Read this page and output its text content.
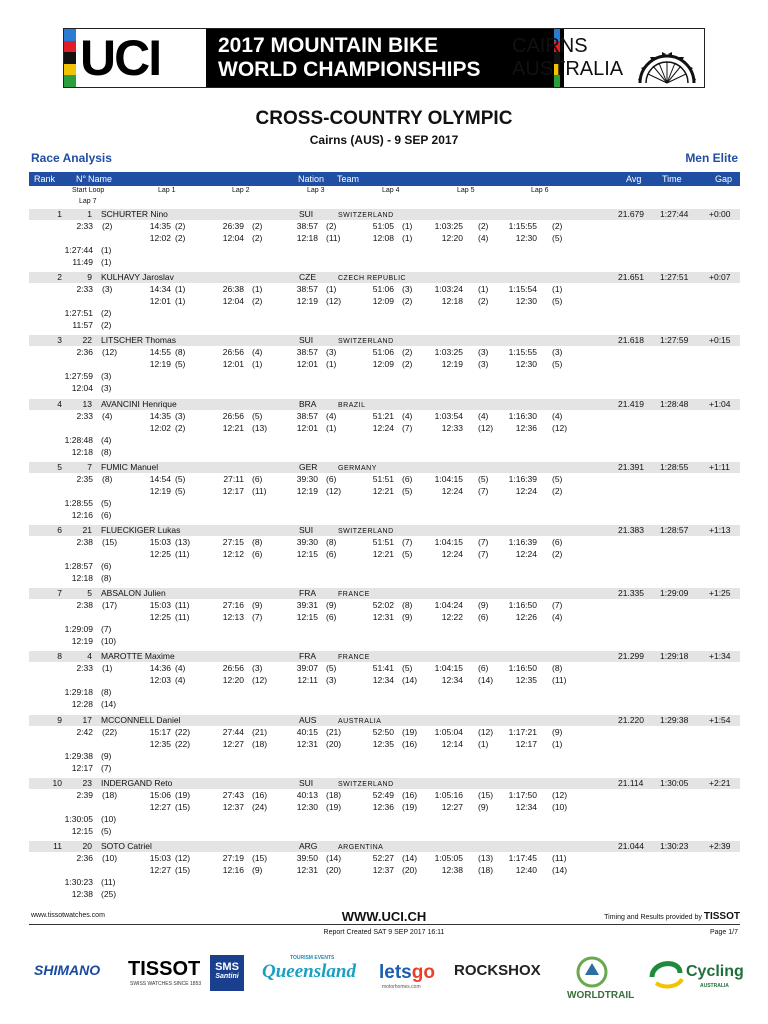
UCI	2017 MOUNTAIN BIKE
WORLD CHAMPIONSHIPS
CAIRNS
AUSTRALIA
CROSS-COUNTRY OLYMPIC
Cairns (AUS) - 9 SEP 2017
Race Analysis	Men Elite
Rank N° Name	Nation Team	Avg Time	Gap
Start Loop	Lap 1	Lap 2	Lap 3	Lap 4	Lap 5	Lap 6
Lap 7
1	1 SCHURTER Nino	SUI	SWITZERLAND	21.679 1:27:44 +0:00
2:33 (2)	14:35 (2)	26:39 (2)	38:57 (2)	51:05 (1)	1:03:25 (2) 1:15:55 (2)
12:02 (2)	12:04 (2)	12:18 (11)	12:08 (1)	12:20 (4)	12:30 (5)
1:27:44 (1)
11:49 (1)
2	9 KULHAVY Jaroslav	CZE	CZECH REPUBLIC	21.651 1:27:51 +0:07
2:33 (3)	14:34 (1)	26:38 (1)	38:57 (1)	51:06 (3)	1:03:24 (1) 1:15:54 (1)
12:01 (1)	12:04 (2)	12:19 (12)	12:09 (2)	12:18 (2)	12:30 (5)
1:27:51 (2)
11:57 (2)
3 22 LITSCHER Thomas	SUI	SWITZERLAND	21.618 1:27:59 +0:15
2:36 (12)	14:55 (8)	26:56 (4)	38:57 (3)	51:06 (2)	1:03:25 (3) 1:15:55 (3)
12:19 (5)	12:01 (1)	12:01 (1)	12:09 (2)	12:19 (3)	12:30 (5)
1:27:59 (3)
12:04 (3)
4 13 AVANCINI Henrique	BRA	BRAZIL	21.419 1:28:48 +1:04
2:33 (4)	14:35 (3)	26:56 (5)	38:57 (4)	51:21 (4)	1:03:54 (4) 1:16:30 (4)
12:02 (2)	12:21 (13)	12:01 (1)	12:24 (7)	12:33 (12)	12:36 (12)
1:28:48 (4)
12:18 (8)
5	7 FUMIC Manuel	GER	GERMANY	21.391 1:28:55 +1:11
2:35 (8)	14:54 (5)	27:11 (6)	39:30 (6)	51:51 (6)	1:04:15 (5) 1:16:39 (5)
12:19 (5)	12:17 (11)	12:19 (12)	12:21 (5)	12:24 (7)	12:24 (2)
1:28:55 (5)
12:16 (6)
6 21 FLUECKIGER Lukas	SUI	SWITZERLAND	21.383 1:28:57 +1:13
2:38 (15)	15:03 (13)	27:15 (8)	39:30 (8)	51:51 (7)	1:04:15 (7) 1:16:39 (6)
12:25 (11)	12:12 (6)	12:15 (6)	12:21 (5)	12:24 (7)	12:24 (2)
1:28:57 (6)
12:18 (8)
7	5 ABSALON Julien	FRA	FRANCE	21.335 1:29:09 +1:25
2:38 (17)	15:03 (11)	27:16 (9)	39:31 (9)	52:02 (8)	1:04:24 (9) 1:16:50 (7)
12:25 (11)	12:13 (7)	12:15 (6)	12:31 (9)	12:22 (6)	12:26 (4)
1:29:09 (7)
12:19 (10)
8	4 MAROTTE Maxime	FRA	FRANCE	21.299 1:29:18 +1:34
2:33 (1)	14:36 (4)	26:56 (3)	39:07 (5)	51:41 (5)	1:04:15 (6) 1:16:50 (8)
12:03 (4)	12:20 (12)	12:11 (3)	12:34 (14)	12:34 (14)	12:35 (11)
1:29:18 (8)
12:28 (14)
9 17 MCCONNELL Daniel	AUS	AUSTRALIA	21.220 1:29:38 +1:54
2:42 (22)	15:17 (22)	27:44 (21)	40:15 (21)	52:50 (19) 1:05:04 (12) 1:17:21 (9)
12:35 (22)	12:27 (18)	12:31 (20)	12:35 (16)	12:14 (1)	12:17 (1)
1:29:38 (9)
12:17 (7)
10 23 INDERGAND Reto	SUI	SWITZERLAND	21.114 1:30:05 +2:21
2:39 (18)	15:06 (19)	27:43 (16)	40:13 (18)	52:49 (16) 1:05:16 (15) 1:17:50 (12)
12:27 (15)	12:37 (24)	12:30 (19)	12:36 (19)	12:27 (9)	12:34 (10)
1:30:05 (10)
12:15 (5)
11 20 SOTO Catriel	ARG	ARGENTINA	21.044 1:30:23 +2:39
2:36 (10)	15:03 (12)	27:19 (15)	39:50 (14)	52:27 (14) 1:05:05 (13) 1:17:45 (11)
12:27 (15)	12:16 (9)	12:31 (20)	12:37 (20)	12:38 (18)	12:40 (14)
1:30:23 (11)
12:38 (25)
www.tissotwatches.com	WWW.UCI.CH	Timing and Results provided by TISSOT
Report Created SAT 9 SEP 2017 16:11	Page 1/7
SHIMANO TISSOT
SWISS WATCHES SINCE 1853
SMS
Santini
TOURISM EVENTS
Queensland letsgo
motorhomes.com
ROCKSHOX
WORLDTRAIL
Cycling
AUSTRALIA
